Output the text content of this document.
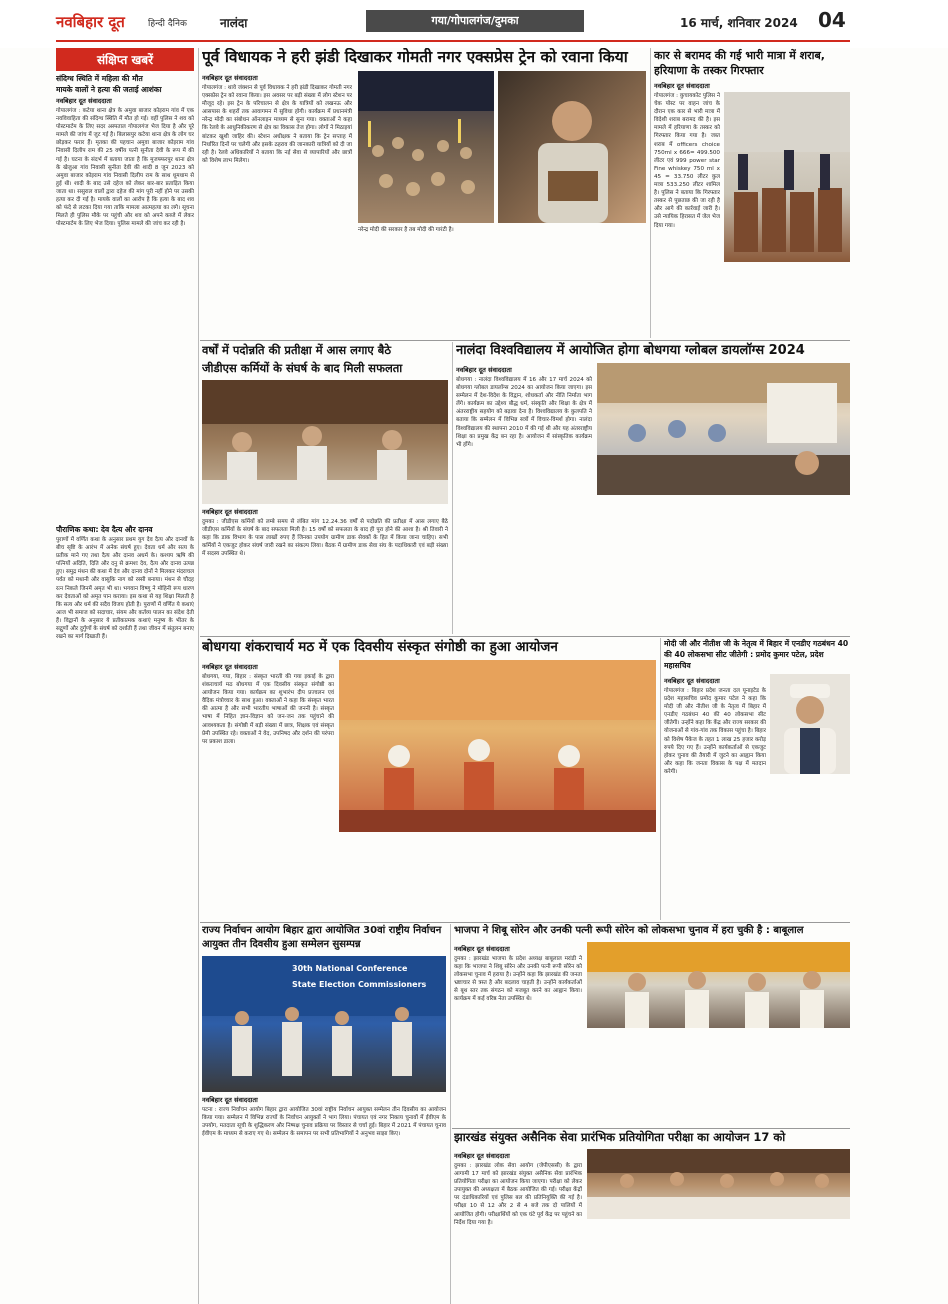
नवबिहार दूत	हिन्दी दैनिक	नालंदा	गया/गोपालगंज/दुमका	16 मार्च, शनिवार 2024 04
संक्षिप्त खबरें
संदिग्ध स्थिति में महिला की मौत
मायके वालों ने हत्या की जताई आशंका
नवबिहार दूत संवाददाता
गोपालगंज : कटेया थाना क्षेत्र के अमुवा बाजार कोइराम गांव में एक नवविवाहिता की संदिग्ध स्थिति में मौत हो गई। वहीं पुलिस ने शव को पोस्टमार्टम के लिए सदर अस्पताल गोपालगंज भेज दिया है और पूरे मामले की जांच में जुट गई है। बिलासपुर कटेया थाना क्षेत्र के लोग घर छोड़कर फरार हैं। मृतका की पहचान अमुवा बाजार कोइराम गांव निवासी दिलीप राम की 25 वर्षीय पत्नी सुनीता देवी के रूप में की गई है। घटना के संदर्भ में बताया जाता है कि मुजफ्फरपुर थाना क्षेत्र के खेजुआ गांव निवासी सुनीता देवी की शादी 8 जून 2023 को अमुवा बाजार कोइराम गांव निवासी दिलीप राम के साथ धूमधाम से हुई थी। शादी के बाद उसे दहेज को लेकर बार-बार प्रताड़ित किया जाता था। ससुराल वालों द्वारा दहेज की मांग पूरी नहीं होने पर उसकी हत्या कर दी गई है। मायके वालों का आरोप है कि हत्या के बाद शव को फंदे से लटका दिया गया ताकि मामला आत्महत्या का लगे। सूचना मिलते ही पुलिस मौके पर पहुंची और शव को अपने कब्जे में लेकर पोस्टमार्टम के लिए भेज दिया। पुलिस मामले की जांच कर रही है।
पौराणिक कथा: देव दैत्य और दानव
पुराणों में वर्णित कथा के अनुसार प्रथम युग देव दैत्य और दानवों के बीच सृष्टि के आरंभ में अनेक संघर्ष हुए। देवता धर्म और सत्य के प्रतीक माने गए तथा दैत्य और दानव अधर्म के। कश्यप ऋषि की पत्नियों अदिति, दिति और दनु से क्रमशः देव, दैत्य और दानव उत्पन्न हुए। समुद्र मंथन की कथा में देव और दानव दोनों ने मिलकर मंदराचल पर्वत को मथानी और वासुकि नाग को रस्सी बनाया। मंथन से चौदह रत्न निकले जिनमें अमृत भी था। भगवान विष्णु ने मोहिनी रूप धारण कर देवताओं को अमृत पान कराया। इस कथा से यह शिक्षा मिलती है कि सत्य और धर्म की सदैव विजय होती है। पुराणों में वर्णित ये कथाएं आज भी समाज को सदाचार, संयम और कर्तव्य पालन का संदेश देती हैं। विद्वानों के अनुसार ये प्रतीकात्मक कथाएं मनुष्य के भीतर के सद्गुणों और दुर्गुणों के संघर्ष को दर्शाती हैं तथा जीवन में संतुलन बनाए रखने का मार्ग दिखाती हैं।
पूर्व विधायक ने हरी झंडी दिखाकर गोमती नगर एक्सप्रेस ट्रेन को रवाना किया
नवबिहार दूत संवाददाता
गोपालगंज : थावे जंक्शन से पूर्व विधायक ने हरी झंडी दिखाकर गोमती नगर एक्सप्रेस ट्रेन को रवाना किया। इस अवसर पर बड़ी संख्या में लोग स्टेशन पर मौजूद रहे। इस ट्रेन के परिचालन से क्षेत्र के यात्रियों को लखनऊ और आसपास के शहरों तक आवागमन में सुविधा होगी। कार्यक्रम में प्रधानमंत्री नरेन्द्र मोदी का संबोधन ऑनलाइन माध्यम से सुना गया। वक्ताओं ने कहा कि रेलवे के आधुनिकीकरण से क्षेत्र का विकास तेज होगा। लोगों ने मिठाइयां बांटकर खुशी जाहिर की। स्टेशन अधीक्षक ने बताया कि ट्रेन सप्ताह में निर्धारित दिनों पर चलेगी और इसके ठहराव की जानकारी यात्रियों को दी जा रही है। रेलवे अधिकारियों ने बताया कि नई सेवा से व्यापारियों और छात्रों को विशेष लाभ मिलेगा।
नरेन्द्र मोदी की सरकार है तब मोदी की गारंटी है।
कार से बरामद की गई भारी मात्रा में शराब, हरियाणा के तस्कर गिरफ्तार
नवबिहार दूत संवाददाता
गोपालगंज : कुचायकोट पुलिस ने चेक पोस्ट पर वाहन जांच के दौरान एक कार से भारी मात्रा में विदेशी शराब बरामद की है। इस मामले में हरियाणा के तस्कर को गिरफ्तार किया गया है। जब्त शराब में officers choice 750ml x 666= 499.500 लीटर एवं 999 power star Fine whiskey 750 ml x 45 = 33.750 लीटर कुल मात्रा 533.250 लीटर शामिल है। पुलिस ने बताया कि गिरफ्तार तस्कर से पूछताछ की जा रही है और आगे की कार्रवाई जारी है। उसे न्यायिक हिरासत में जेल भेज दिया गया।
वर्षों में पदोन्नति की प्रतीक्षा में आस लगाए बैठे
जीडीएस कर्मियों के संघर्ष के बाद मिली सफलता
नवबिहार दूत संवाददाता
दुमका : जीडीएस कर्मियों को लम्बे समय से लंबित मांग 12.24.36 वर्षों से पदोन्नति की प्रतीक्षा में आस लगाए बैठे जीडीएस कर्मियों के संघर्ष के बाद सफलता मिली है। 15 वर्षों को सफलता के बाद ही पूरा होने की आशा है। श्री तिवारी ने कहा कि डाक विभाग के पास लाखों रुपए हैं जिनका उपयोग ग्रामीण डाक सेवकों के हित में किया जाना चाहिए। सभी कर्मियों ने एकजुट होकर संघर्ष जारी रखने का संकल्प लिया। बैठक में ग्रामीण डाक सेवा संघ के पदाधिकारी एवं बड़ी संख्या में सदस्य उपस्थित थे।
नालंदा विश्वविद्यालय में आयोजित होगा बोधगया ग्लोबल डायलॉग्स 2024
नवबिहार दूत संवाददाता
बोधगया : नालंदा विश्वविद्यालय में 16 और 17 मार्च 2024 को बोधगया ग्लोबल डायलॉग्स 2024 का आयोजन किया जाएगा। इस सम्मेलन में देश-विदेश के विद्वान, शोधकर्ता और नीति निर्माता भाग लेंगे। कार्यक्रम का उद्देश्य बौद्ध धर्म, संस्कृति और शिक्षा के क्षेत्र में अंतरराष्ट्रीय सहयोग को बढ़ावा देना है। विश्वविद्यालय के कुलपति ने बताया कि सम्मेलन में विभिन्न सत्रों में विचार-विमर्श होगा। नालंदा विश्वविद्यालय की स्थापना 2010 में की गई थी और यह अंतरराष्ट्रीय शिक्षा का प्रमुख केंद्र बन रहा है। आयोजन में सांस्कृतिक कार्यक्रम भी होंगे।
बोधगया शंकराचार्य मठ में एक दिवसीय संस्कृत संगोष्ठी का हुआ आयोजन
नवबिहार दूत संवाददाता
बोधगया, गया, बिहार : संस्कृत भारती की गया इकाई के द्वारा शंकराचार्य मठ बोधगया में एक दिवसीय संस्कृत संगोष्ठी का आयोजन किया गया। कार्यक्रम का शुभारंभ दीप प्रज्वलन एवं वैदिक मंत्रोच्चार के साथ हुआ। वक्ताओं ने कहा कि संस्कृत भारत की आत्मा है और सभी भारतीय भाषाओं की जननी है। संस्कृत भाषा में निहित ज्ञान-विज्ञान को जन-जन तक पहुंचाने की आवश्यकता है। संगोष्ठी में बड़ी संख्या में छात्र, शिक्षक एवं संस्कृत प्रेमी उपस्थित रहे। वक्ताओं ने वेद, उपनिषद और दर्शन की परंपरा पर प्रकाश डाला।
मोदी जी और नीतीश जी के नेतृत्व में बिहार में एनडीए गठबंधन 40 की 40 लोकसभा सीट जीतेगी : प्रमोद कुमार पटेल, प्रदेश महासचिव
नवबिहार दूत संवाददाता
गोपालगंज : बिहार प्रदेश जनता दल यूनाइटेड के प्रदेश महासचिव प्रमोद कुमार पटेल ने कहा कि मोदी जी और नीतीश जी के नेतृत्व में बिहार में एनडीए गठबंधन 40 की 40 लोकसभा सीट जीतेगी। उन्होंने कहा कि केंद्र और राज्य सरकार की योजनाओं से गांव-गांव तक विकास पहुंचा है। बिहार को विशेष पैकेज के तहत 1 लाख 25 हजार करोड़ रुपये दिए गए हैं। उन्होंने कार्यकर्ताओं से एकजुट होकर चुनाव की तैयारी में जुटने का आह्वान किया और कहा कि जनता विकास के पक्ष में मतदान करेगी।
राज्य निर्वाचन आयोग बिहार द्वारा आयोजित 30वां राष्ट्रीय निर्वाचन आयुक्त तीन दिवसीय हुआ सम्मेलन सुसम्पन्न
30th National Conference
State Election Commissioners
नवबिहार दूत संवाददाता
पटना : राज्य निर्वाचन आयोग बिहार द्वारा आयोजित 30वां राष्ट्रीय निर्वाचन आयुक्त सम्मेलन तीन दिवसीय का आयोजन किया गया। सम्मेलन में विभिन्न राज्यों के निर्वाचन आयुक्तों ने भाग लिया। पंचायत एवं नगर निकाय चुनावों में ईवीएम के उपयोग, मतदाता सूची के शुद्धिकरण और निष्पक्ष चुनाव प्रक्रिया पर विस्तार से चर्चा हुई। बिहार में 2021 में पंचायत चुनाव ईवीएम के माध्यम से कराए गए थे। सम्मेलन के समापन पर सभी प्रतिभागियों ने अनुभव साझा किए।
भाजपा ने शिबू सोरेन और उनकी पत्नी रूपी सोरेन को लोकसभा चुनाव में हरा चुकी है : बाबूलाल
नवबिहार दूत संवाददाता
दुमका : झारखंड भाजपा के प्रदेश अध्यक्ष बाबूलाल मरांडी ने कहा कि भाजपा ने शिबू सोरेन और उनकी पत्नी रूपी सोरेन को लोकसभा चुनाव में हराया है। उन्होंने कहा कि झारखंड की जनता भ्रष्टाचार से त्रस्त है और बदलाव चाहती है। उन्होंने कार्यकर्ताओं से बूथ स्तर तक संगठन को मजबूत करने का आह्वान किया। कार्यक्रम में कई वरिष्ठ नेता उपस्थित थे।
झारखंड संयुक्त असैनिक सेवा प्रारंभिक प्रतियोगिता परीक्षा का आयोजन 17 को
नवबिहार दूत संवाददाता
दुमका : झारखंड लोक सेवा आयोग (जेपीएससी) के द्वारा आगामी 17 मार्च को झारखंड संयुक्त असैनिक सेवा प्रारंभिक प्रतियोगिता परीक्षा का आयोजन किया जाएगा। परीक्षा को लेकर उपायुक्त की अध्यक्षता में बैठक आयोजित की गई। परीक्षा केंद्रों पर दंडाधिकारियों एवं पुलिस बल की प्रतिनियुक्ति की गई है। परीक्षा 10 से 12 और 2 से 4 बजे तक दो पालियों में आयोजित होगी। परीक्षार्थियों को एक घंटे पूर्व केंद्र पर पहुंचने का निर्देश दिया गया है।
